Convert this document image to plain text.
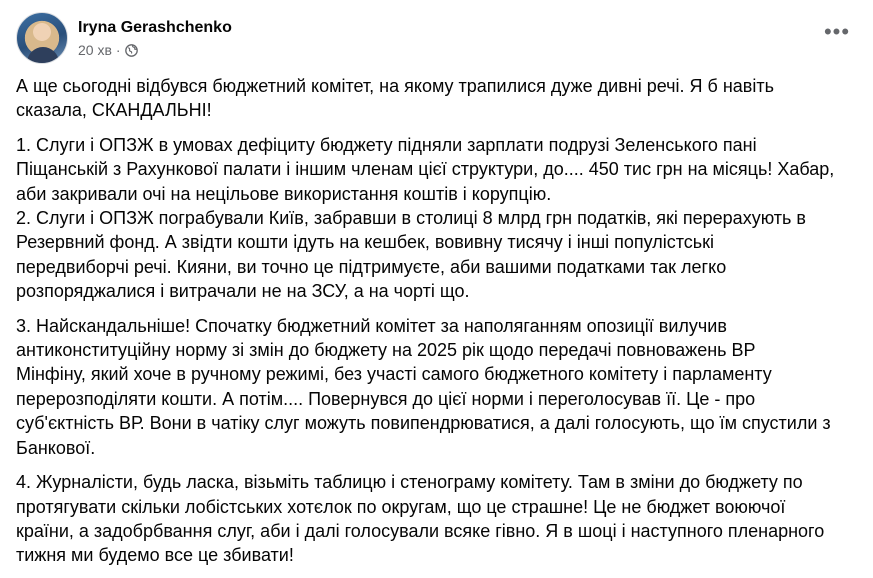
Iryna Gerashchenko
20 хв ·
•••

А ще сьогодні відбувся бюджетний комітет, на якому трапилися дуже дивні речі. Я б навіть
сказала, СКАНДАЛЬНІ!

1. Слуги і ОПЗЖ в умовах дефіциту бюджету підняли зарплати подрузі Зеленського пані
Піщанській з Рахункової палати і іншим членам цієї структури, до.... 450 тис грн на місяць! Хабар,
аби закривали очі на нецільове використання коштів і корупцію.
2. Слуги і ОПЗЖ пограбували Київ, забравши в столиці 8 млрд грн податків, які перерахують в
Резервний фонд. А звідти кошти ідуть на кешбек, вовивну тисячу і інші популістські
передвиборчі речі. Кияни, ви точно це підтримуєте, аби вашими податками так легко
розпоряджалися і витрачали не на ЗСУ, а на чорті що.

3. Найскандальніше! Спочатку бюджетний комітет за наполяганням опозиції вилучив
антиконституційну норму зі змін до бюджету на 2025 рік щодо передачі повноважень ВР
Мінфіну, який хоче в ручному режимі, без участі самого бюджетного комітету і парламенту
перерозподіляти кошти. А потім.... Повернувся до цієї норми і переголосував її. Це - про
суб'єктність ВР. Вони в чатіку слуг можуть повипендрюватися, а далі голосують, що їм спустили з
Банкової.

4. Журналісти, будь ласка, візьміть таблицю і стенограму комітету. Там в зміни до бюджету по
протягувати скільки лобістських хотєлок по округам, що це страшне! Це не бюджет воюючої
країни, а задобрбвання слуг, аби і далі голосували всяке гівно. Я в шоці і наступного пленарного
тижня ми будемо все це збивати!
